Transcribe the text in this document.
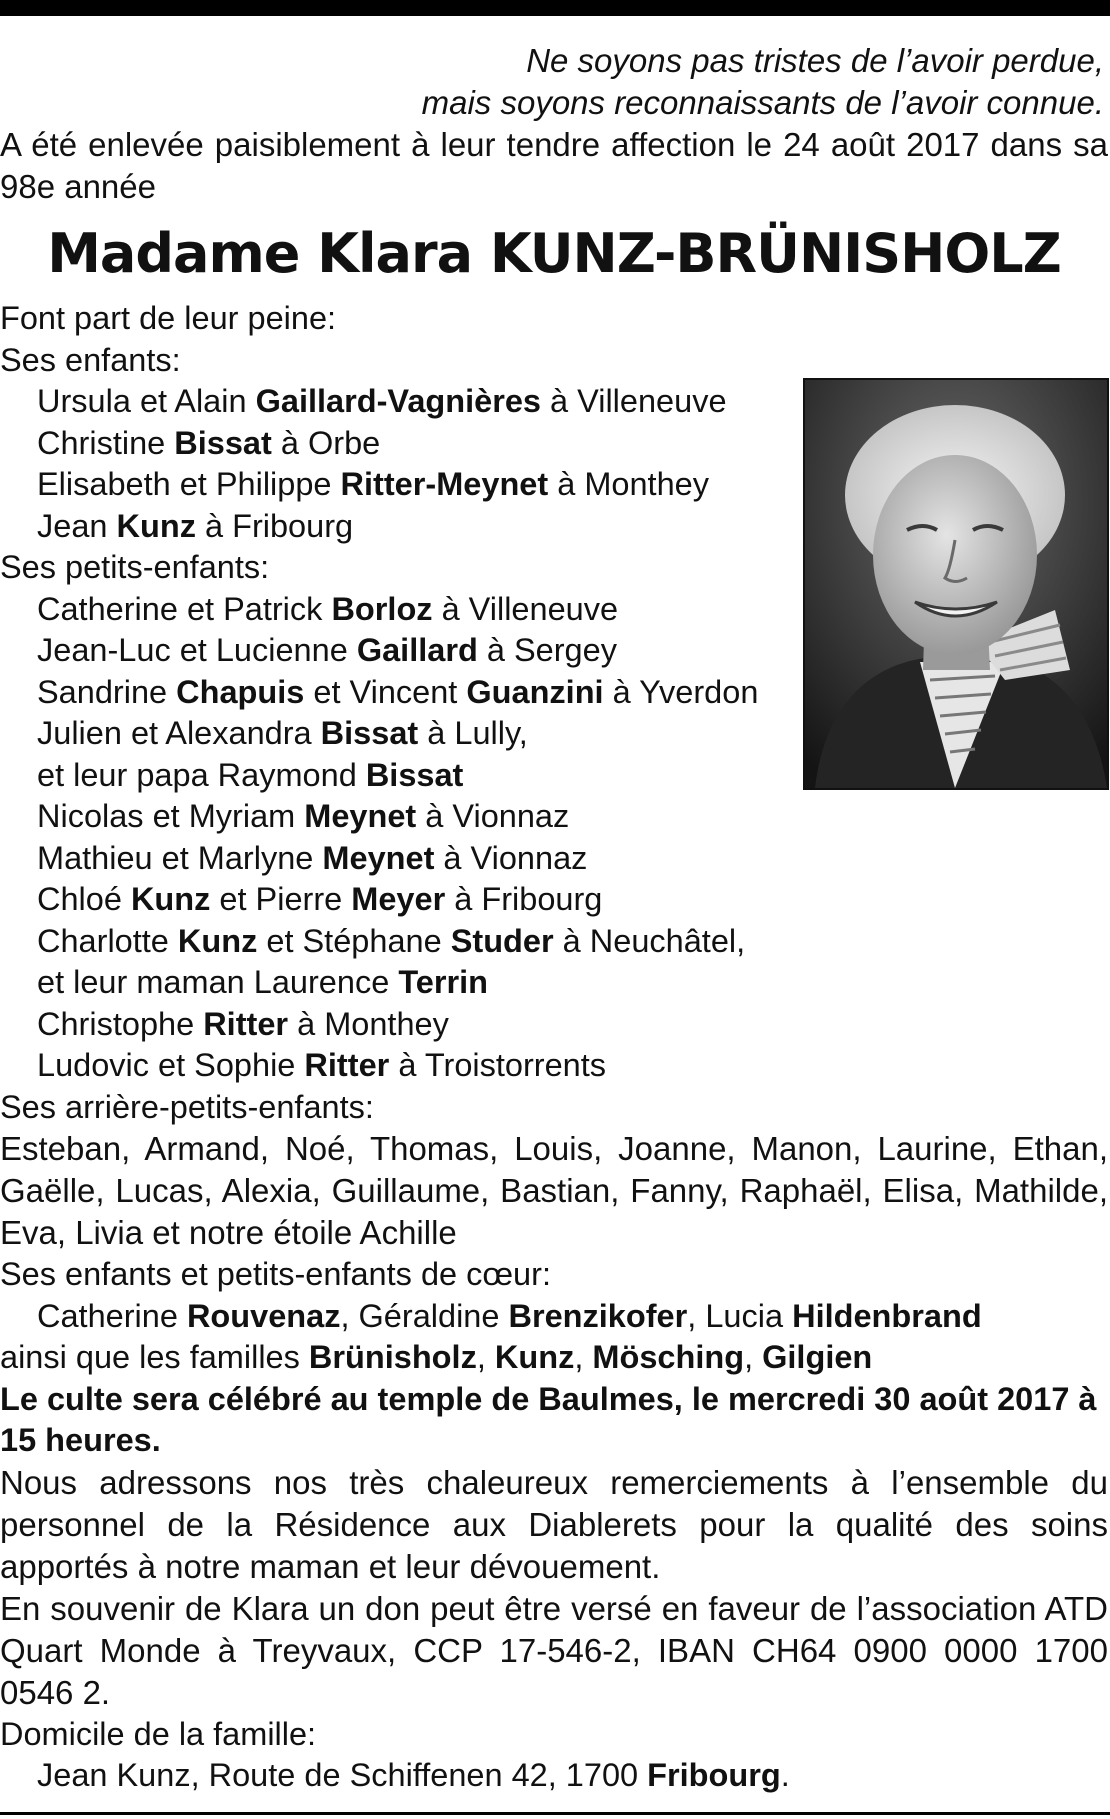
Ne soyons pas tristes de l’avoir perdue,
mais soyons reconnaissants de l’avoir connue.
A été enlevée paisiblement à leur tendre affection le 24 août 2017 dans sa 98e année
Madame Klara KUNZ-BRÜNISHOLZ
Font part de leur peine:
Ses enfants:
Ursula et Alain Gaillard-Vagnières à Villeneuve
Christine Bissat à Orbe
Elisabeth et Philippe Ritter-Meynet à Monthey
Jean Kunz à Fribourg
Ses petits-enfants:
Catherine et Patrick Borloz à Villeneuve
Jean-Luc et Lucienne Gaillard à Sergey
Sandrine Chapuis et Vincent Guanzini à Yverdon
Julien et Alexandra Bissat à Lully,
et leur papa Raymond Bissat
Nicolas et Myriam Meynet à Vionnaz
Mathieu et Marlyne Meynet à Vionnaz
Chloé Kunz et Pierre Meyer à Fribourg
Charlotte Kunz et Stéphane Studer à Neuchâtel,
et leur maman Laurence Terrin
Christophe Ritter à Monthey
Ludovic et Sophie Ritter à Troistorrents
Ses arrière-petits-enfants:
Esteban, Armand, Noé, Thomas, Louis, Joanne, Manon, Laurine, Ethan, Gaëlle, Lucas, Alexia, Guillaume, Bastian, Fanny, Raphaël, Elisa, Mathilde, Eva, Livia et notre étoile Achille
Ses enfants et petits-enfants de cœur:
Catherine Rouvenaz, Géraldine Brenzikofer, Lucia Hildenbrand
ainsi que les familles Brünisholz, Kunz, Mösching, Gilgien
Le culte sera célébré au temple de Baulmes, le mercredi 30 août 2017 à 15 heures.
Nous adressons nos très chaleureux remerciements à l’ensemble du personnel de la Résidence aux Diablerets pour la qualité des soins apportés à notre maman et leur dévouement.
En souvenir de Klara un don peut être versé en faveur de l’association ATD Quart Monde à Treyvaux, CCP 17-546-2, IBAN CH64 0900 0000 1700 0546 2.
Domicile de la famille:
Jean Kunz, Route de Schiffenen 42, 1700 Fribourg.
